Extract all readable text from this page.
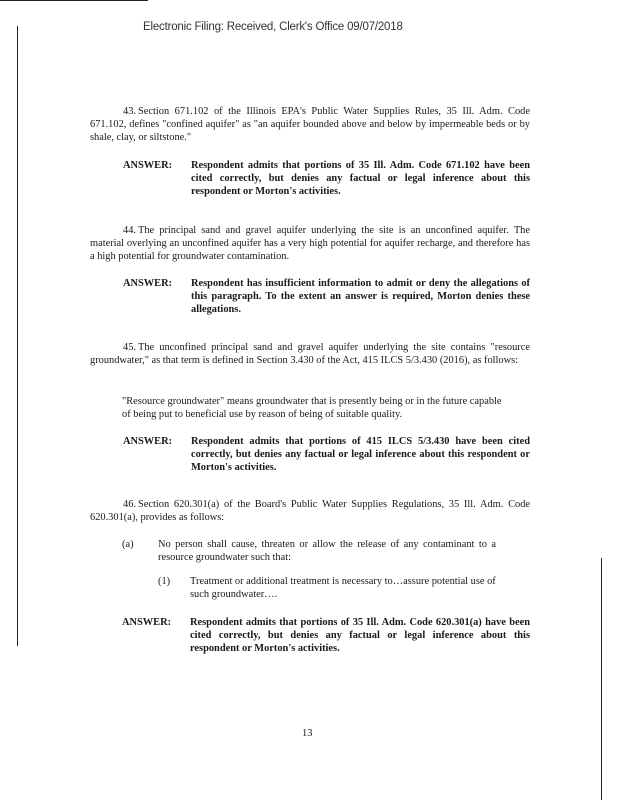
Electronic Filing: Received, Clerk's Office 09/07/2018
43. Section 671.102 of the Illinois EPA's Public Water Supplies Rules, 35 Ill. Adm. Code 671.102, defines "confined aquifer" as "an aquifer bounded above and below by impermeable beds or by shale, clay, or siltstone."
ANSWER: Respondent admits that portions of 35 Ill. Adm. Code 671.102 have been cited correctly, but denies any factual or legal inference about this respondent or Morton's activities.
44. The principal sand and gravel aquifer underlying the site is an unconfined aquifer. The material overlying an unconfined aquifer has a very high potential for aquifer recharge, and therefore has a high potential for groundwater contamination.
ANSWER: Respondent has insufficient information to admit or deny the allegations of this paragraph. To the extent an answer is required, Morton denies these allegations.
45. The unconfined principal sand and gravel aquifer underlying the site contains "resource groundwater," as that term is defined in Section 3.430 of the Act, 415 ILCS 5/3.430 (2016), as follows:
"Resource groundwater" means groundwater that is presently being or in the future capable of being put to beneficial use by reason of being of suitable quality.
ANSWER: Respondent admits that portions of 415 ILCS 5/3.430 have been cited correctly, but denies any factual or legal inference about this respondent or Morton's activities.
46. Section 620.301(a) of the Board's Public Water Supplies Regulations, 35 Ill. Adm. Code 620.301(a), provides as follows:
(a)	No person shall cause, threaten or allow the release of any contaminant to a resource groundwater such that:
(1)	Treatment or additional treatment is necessary to…assure potential use of such groundwater….
ANSWER: Respondent admits that portions of 35 Ill. Adm. Code 620.301(a) have been cited correctly, but denies any factual or legal inference about this respondent or Morton's activities.
13
